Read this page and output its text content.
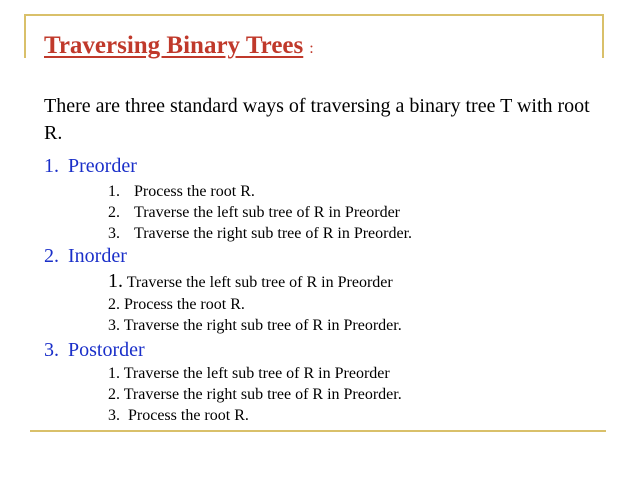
Traversing Binary Trees :
There are three standard ways of traversing a binary tree T with root R.
1. Preorder
1. Process the root R.
2. Traverse the left sub tree of R in Preorder
3. Traverse the right sub tree of R in Preorder.
2. Inorder
1. Traverse the left sub tree of R in Preorder
2. Process the root R.
3. Traverse the right sub tree of R in Preorder.
3. Postorder
1. Traverse the left sub tree of R in Preorder
2. Traverse the right sub tree of R in Preorder.
3.  Process the root R.
